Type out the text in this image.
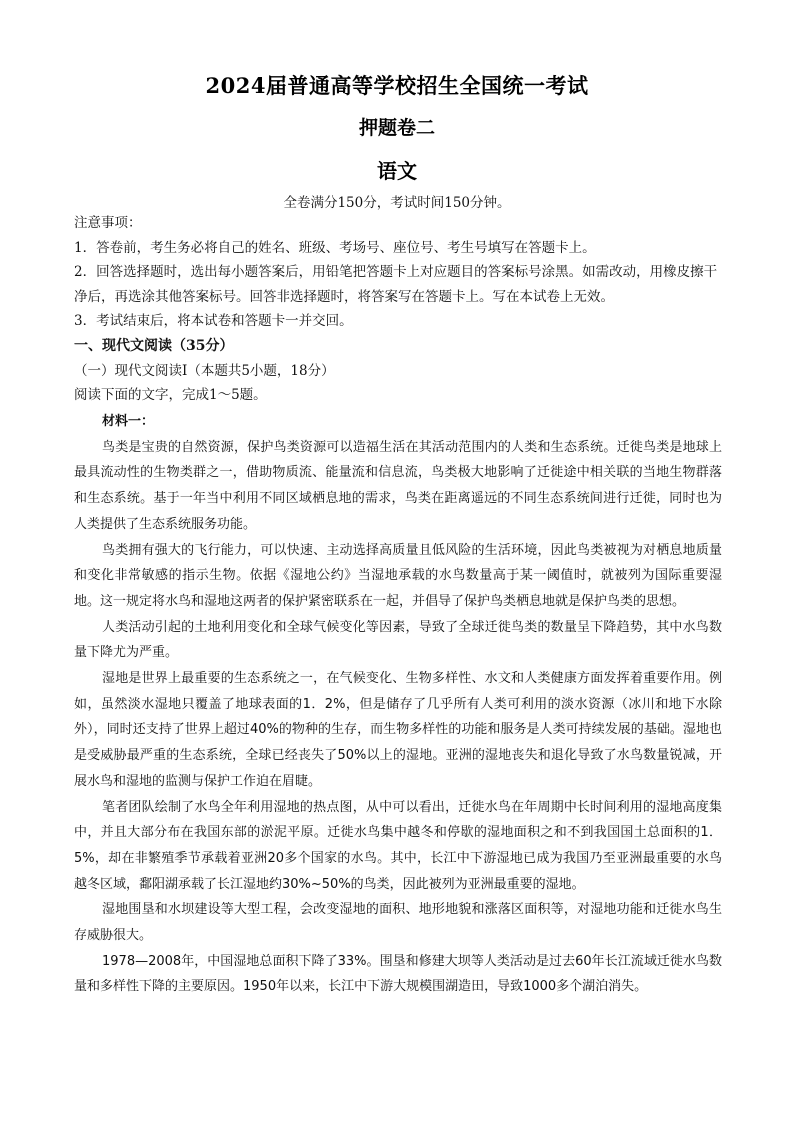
2024届普通高等学校招生全国统一考试
押题卷二
语文
全卷满分150分，考试时间150分钟。

注意事项：

1．答卷前，考生务必将自己的姓名、班级、考场号、座位号、考生号填写在答题卡上。

2．回答选择题时，选出每小题答案后，用铅笔把答题卡上对应题目的答案标号涂黑。如需改动，用橡皮擦干净后，再选涂其他答案标号。回答非选择题时，将答案写在答题卡上。写在本试卷上无效。

3．考试结束后，将本试卷和答题卡一并交回。

一、现代文阅读（35分）

（一）现代文阅读Ⅰ（本题共5小题，18分）

阅读下面的文字，完成1～5题。

材料一：

鸟类是宝贵的自然资源，保护鸟类资源可以造福生活在其活动范围内的人类和生态系统。迁徙鸟类是地球上最具流动性的生物类群之一，借助物质流、能量流和信息流，鸟类极大地影响了迁徙途中相关联的当地生物群落和生态系统。基于一年当中利用不同区域栖息地的需求，鸟类在距离遥远的不同生态系统间进行迁徙，同时也为人类提供了生态系统服务功能。

鸟类拥有强大的飞行能力，可以快速、主动选择高质量且低风险的生活环境，因此鸟类被视为对栖息地质量和变化非常敏感的指示生物。依据《湿地公约》当湿地承载的水鸟数量高于某一阈值时，就被列为国际重要湿地。这一规定将水鸟和湿地这两者的保护紧密联系在一起，并倡导了保护鸟类栖息地就是保护鸟类的思想。

人类活动引起的土地利用变化和全球气候变化等因素，导致了全球迁徙鸟类的数量呈下降趋势，其中水鸟数量下降尤为严重。

湿地是世界上最重要的生态系统之一，在气候变化、生物多样性、水文和人类健康方面发挥着重要作用。例如，虽然淡水湿地只覆盖了地球表面的1．2%，但是储存了几乎所有人类可利用的淡水资源（冰川和地下水除外），同时还支持了世界上超过40%的物种的生存，而生物多样性的功能和服务是人类可持续发展的基础。湿地也是受威胁最严重的生态系统，全球已经丧失了50%以上的湿地。亚洲的湿地丧失和退化导致了水鸟数量锐减，开展水鸟和湿地的监测与保护工作迫在眉睫。

笔者团队绘制了水鸟全年利用湿地的热点图，从中可以看出，迁徙水鸟在年周期中长时间利用的湿地高度集中，并且大部分布在我国东部的淤泥平原。迁徙水鸟集中越冬和停歇的湿地面积之和不到我国国土总面积的1．5%，却在非繁殖季节承载着亚洲20多个国家的水鸟。其中，长江中下游湿地已成为我国乃至亚洲最重要的水鸟越冬区域，鄱阳湖承载了长江湿地约30%~50%的鸟类，因此被列为亚洲最重要的湿地。

湿地围垦和水坝建设等大型工程，会改变湿地的面积、地形地貌和涨落区面积等，对湿地功能和迁徙水鸟生存威胁很大。

1978—2008年，中国湿地总面积下降了33%。围垦和修建大坝等人类活动是过去60年长江流域迁徙水鸟数量和多样性下降的主要原因。1950年以来，长江中下游大规模围湖造田，导致1000多个湖泊消失。
